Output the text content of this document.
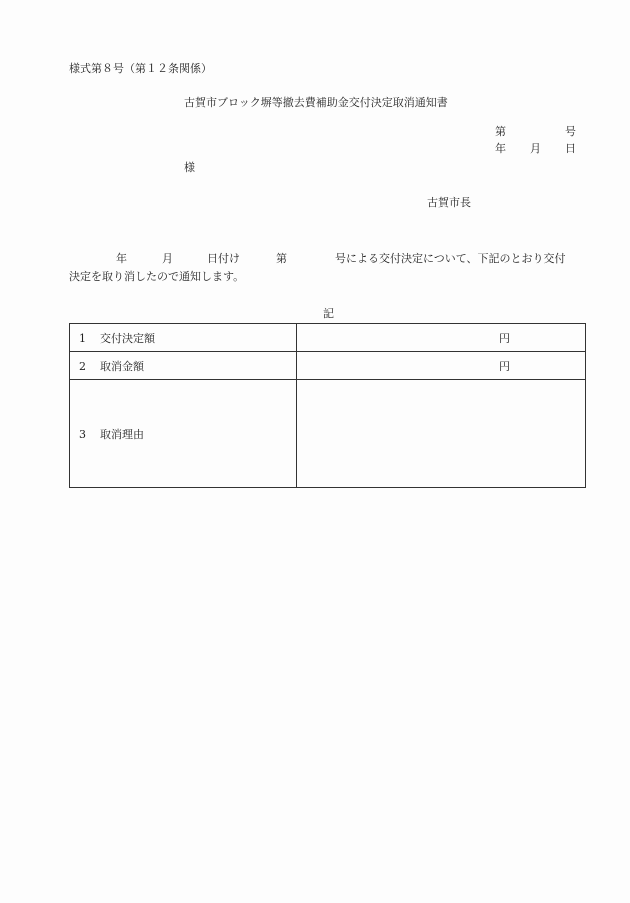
様式第８号（第１２条関係）
古賀市ブロック塀等撤去費補助金交付決定取消通知書
第	号
年 月 日
様
古賀市長
年	月	日付け	第	号による交付決定について、下記のとおり交付
決定を取り消したので通知します。
記
1 交付決定額	円
2 取消金額	円
3 取消理由	
